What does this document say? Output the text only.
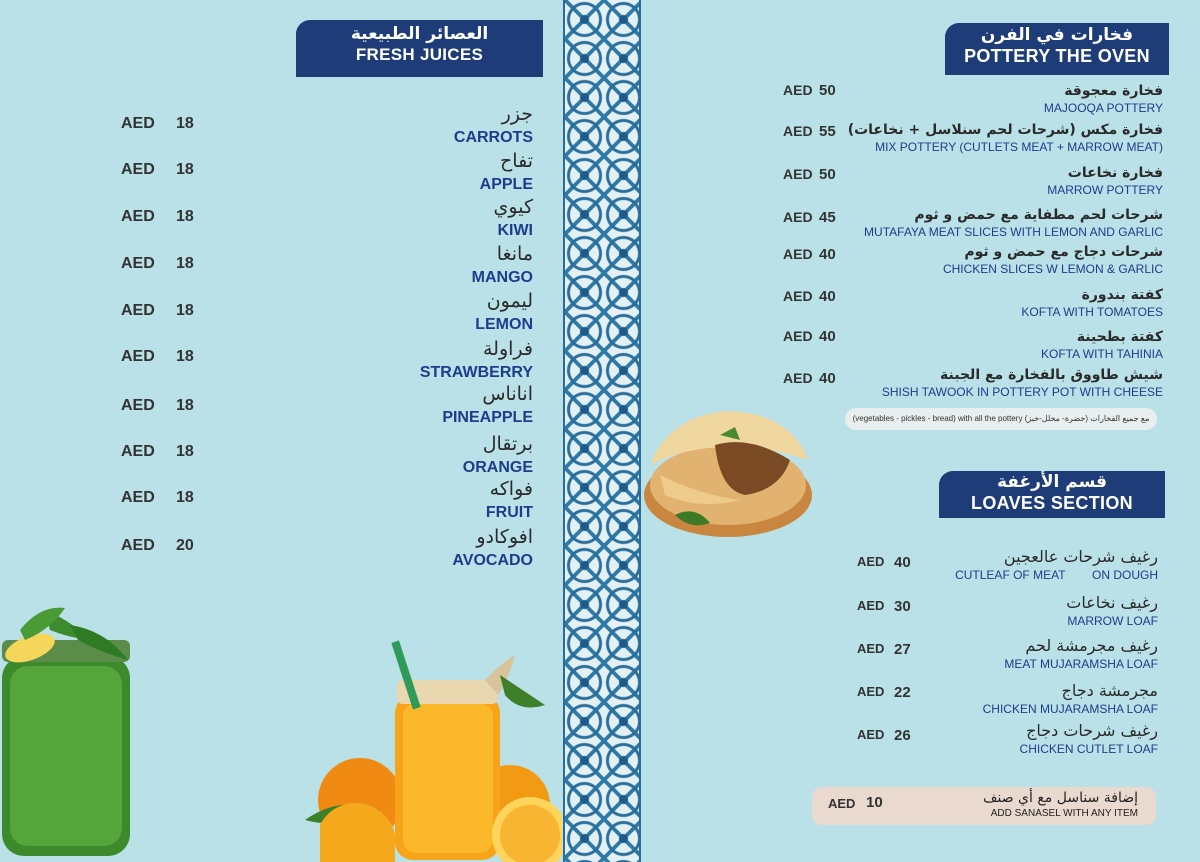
العصائر الطبيعية
FRESH JUICES
جزر
CARROTS
AED 18
تفاح
APPLE
AED 18
كيوي
KIWI
AED 18
مانغا
MANGO
AED 18
ليمون
LEMON
AED 18
فراولة
STRAWBERRY
AED 18
اناناس
PINEAPPLE
AED 18
برتقال
ORANGE
AED 18
فواكه
FRUIT
AED 18
افوكادو
AVOCADO
AED 20
فخارات في الفرن
POTTERY THE OVEN
فخارة معجوقة
MAJOOQA POTTERY
AED 50
فخارة مكس (شرحات لحم سنلاسل + نخاعات)
MIX POTTERY (CUTLETS MEAT + MARROW MEAT)
AED 55
فخارة نخاعات
MARROW POTTERY
AED 50
شرحات لحم مطفاية مع حمض و ثوم
MUTAFAYA MEAT SLICES WITH LEMON AND GARLIC
AED 45
شرحات دجاج مع حمض و ثوم
CHICKEN SLICES W LEMON & GARLIC
AED 40
كفتة بندورة
KOFTA WITH TOMATOES
AED 40
كفتة بطحينة
KOFTA WITH TAHINIA
AED 40
شيش طاووق بالفخارة مع الجبنة
SHISH TAWOOK IN POTTERY POT WITH CHEESE
AED 40
(vegetables - pickles - bread) with all the pottery (خضرة- مخلل-خبز) مع جميع الفخارات
قسم الأرغفة
LOAVES SECTION
رغيف شرحات عالعجين
CUTLEAF OF MEAT        ON DOUGH
AED 40
رغيف نخاعات
MARROW LOAF
AED 30
رغيف مجرمشة لحم
MEAT MUJARAMSHA LOAF
AED 27
مجرمشة دجاج
CHICKEN MUJARAMSHA LOAF
AED 22
رغيف شرحات دجاج
CHICKEN CUTLET LOAF
AED 26
AED 10	إضافة سناسل مع أي صنف
ADD SANASEL WITH ANY ITEM
